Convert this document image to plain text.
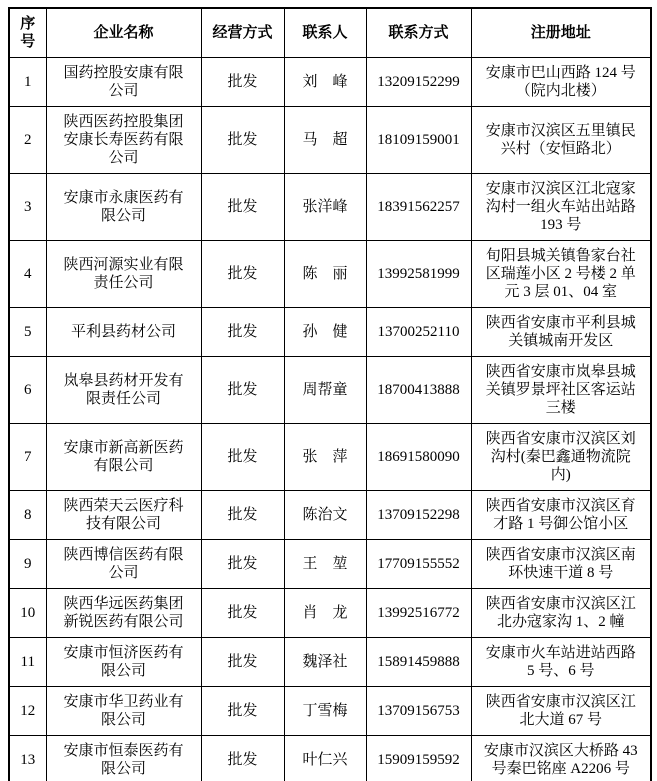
序号	企业名称	经营方式	联系人	联系方式	注册地址
1	国药控股安康有限公司	批发	刘　峰	13209152299	安康市巴山西路 124 号（院内北楼）
2	陕西医药控股集团安康长寿医药有限公司	批发	马　超	18109159001	安康市汉滨区五里镇民兴村（安恒路北）
3	安康市永康医药有限公司	批发	张洋峰	18391562257	安康市汉滨区江北寇家沟村一组火车站出站路 193 号
4	陕西河源实业有限责任公司	批发	陈　丽	13992581999	旬阳县城关镇鲁家台社区瑞莲小区 2 号楼 2 单元 3 层 01、04 室
5	平利县药材公司	批发	孙　健	13700252110	陕西省安康市平利县城关镇城南开发区
6	岚皋县药材开发有限责任公司	批发	周帮童	18700413888	陕西省安康市岚皋县城关镇罗景坪社区客运站三楼
7	安康市新高新医药有限公司	批发	张　萍	18691580090	陕西省安康市汉滨区刘沟村(秦巴鑫通物流院内)
8	陕西荣天云医疗科技有限公司	批发	陈治文	13709152298	陕西省安康市汉滨区育才路 1 号御公馆小区
9	陕西博信医药有限公司	批发	王　堃	17709155552	陕西省安康市汉滨区南环快速干道 8 号
10	陕西华远医药集团新锐医药有限公司	批发	肖　龙	13992516772	陕西省安康市汉滨区江北办寇家沟 1、2 幢
11	安康市恒济医药有限公司	批发	魏泽社	15891459888	安康市火车站进站西路 5 号、6 号
12	安康市华卫药业有限公司	批发	丁雪梅	13709156753	陕西省安康市汉滨区江北大道 67 号
13	安康市恒泰医药有限公司	批发	叶仁兴	15909159592	安康市汉滨区大桥路 43 号秦巴铭座 A2206 号
